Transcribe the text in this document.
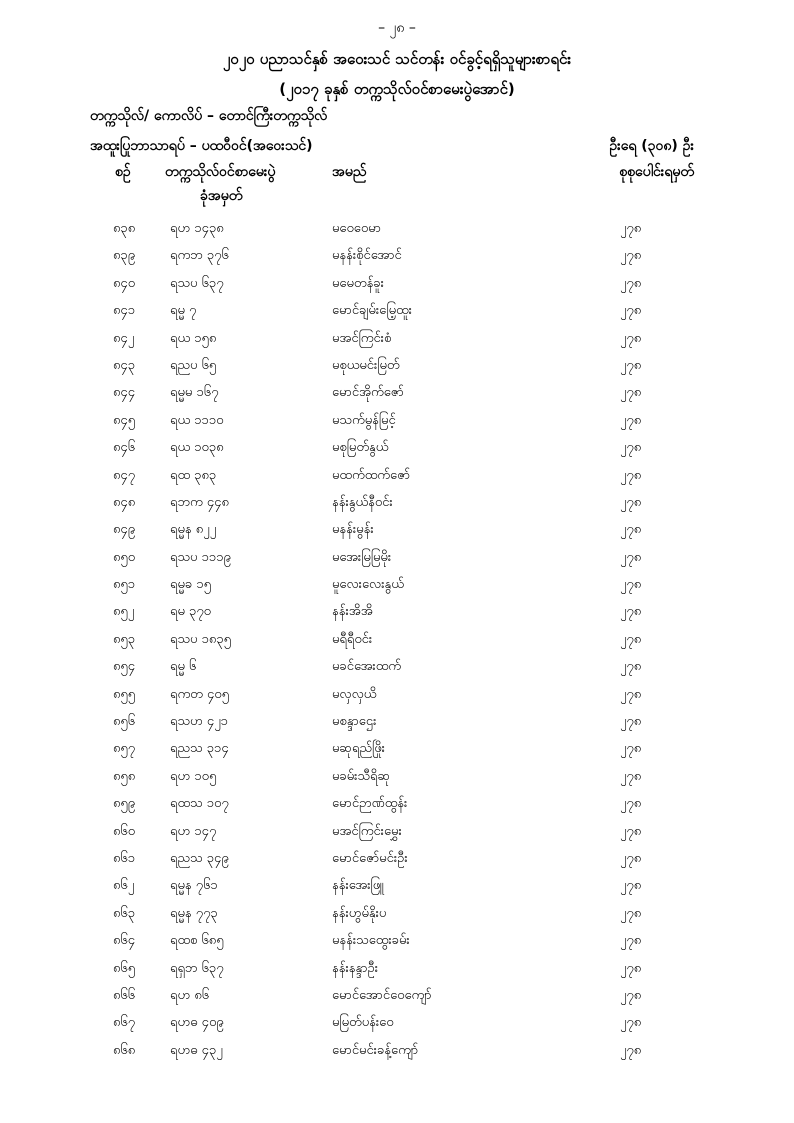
– ၂၈ –
၂၀၂၀ ပညာသင်နှစ် အဝေးသင် သင်တန်း ဝင်ခွင့်ရရှိသူများစာရင်း
(၂၀၁၇ ခုနှစ် တက္ကသိုလ်ဝင်စာမေးပွဲအောင်)
တက္ကသိုလ်/ ကောလိပ် – တောင်ကြီးတက္ကသိုလ်
အထူးပြုဘာသာရပ် – ပထဝီဝင်(အဝေးသင်)	ဦးရေ (၃၀၈) ဦး
စဉ် တက္ကသိုလ်ဝင်စာမေးပွဲ
ခုံအမှတ်
အမည်	စုစုပေါင်းရမှတ်
၈၃၈	ရဟ ၁၄၃၈	မဝေဝေမာ	၂၇၈
၈၃၉	ရကဘ ၃၇၆	မနန်းစိုင်အောင်	၂၇၈
၈၄၀	ရသပ ၆၃၇	မမေတန်ခူး	၂၇၈
၈၄၁	ရမ္မ ၇	မောင်ချမ်းမြေ့ထူး	၂၇၈
၈၄၂	ရယ ၁၅၈	မအင်ကြင်းစံ	၂၇၈
၈၄၃	ရညပ ၆၅	မစုယမင်းမြတ်	၂၇၈
၈၄၄	ရမ္မမ ၁၆၇	မောင်အိုက်ဇော်	၂၇၈
၈၄၅	ရယ ၁၁၁၀	မသက်မွန်မြင့်	၂၇၈
၈၄၆	ရယ ၁၀၃၈	မစုမြတ်နွယ်	၂၇၈
၈၄၇	ရထ ၃၈၃	မထက်ထက်ဇော်	၂၇၈
၈၄၈	ရဘက ၄၄၈	နန်းနွယ်နီဝင်း	၂၇၈
၈၄၉	ရမ္မန ၈၂၂	မနန်းမွန်း	၂၇၈
၈၅၀	ရသပ ၁၁၁၉	မအေးမြမြမိုး	၂၇၈
၈၅၁	ရမ္မခ ၁၅	မူလေးလေးနွယ်	၂၇၈
၈၅၂	ရမ ၃၇၀	နန်းအိအိ	၂၇၈
၈၅၃	ရသပ ၁၈၃၅	မရီရီဝင်း	၂၇၈
၈၅၄	ရမ္မ ၆	မခင်အေးထက်	၂၇၈
၈၅၅	ရကတ ၄၀၅	မလှလှယိ	၂၇၈
၈၅၆	ရသဟ ၄၂၁	မစန္ဒာဌေး	၂၇၈
၈၅၇	ရညသ ၃၁၄	မဆုရည်ဖြိုး	၂၇၈
၈၅၈	ရဟ ၁၀၅	မခမ်းသီရိဆု	၂၇၈
၈၅၉	ရထသ ၁၀၇	မောင်ဉာဏ်ထွန်း	၂၇၈
၈၆၀	ရဟ ၁၄၇	မအင်ကြင်းမွှေး	၂၇၈
၈၆၁	ရညသ ၃၄၉	မောင်ဇော်မင်းဦး	၂၇၈
၈၆၂	ရမ္မန ၇၆၁	နန်းအေးဖြူ	၂၇၈
၈၆၃	ရမ္မန ၇၇၃	နန်းဟွမ်နိုးပ	၂၇၈
၈၆၄	ရထစ ၆၈၅	မနန်းသထွေးခမ်း	၂၇၈
၈၆၅	ရရှဘ ၆၃၇	နန်းနန္ဒာဦး	၂၇၈
၈၆၆	ရဟ ၈၆	မောင်အောင်ဝေကျော်	၂၇၈
၈၆၇	ရဟဓ ၄၀၉	မမြတ်ပန်းဝေ	၂၇၈
၈၆၈	ရဟဓ ၄၃၂	မောင်မင်းခန့်ကျော်	၂၇၈
